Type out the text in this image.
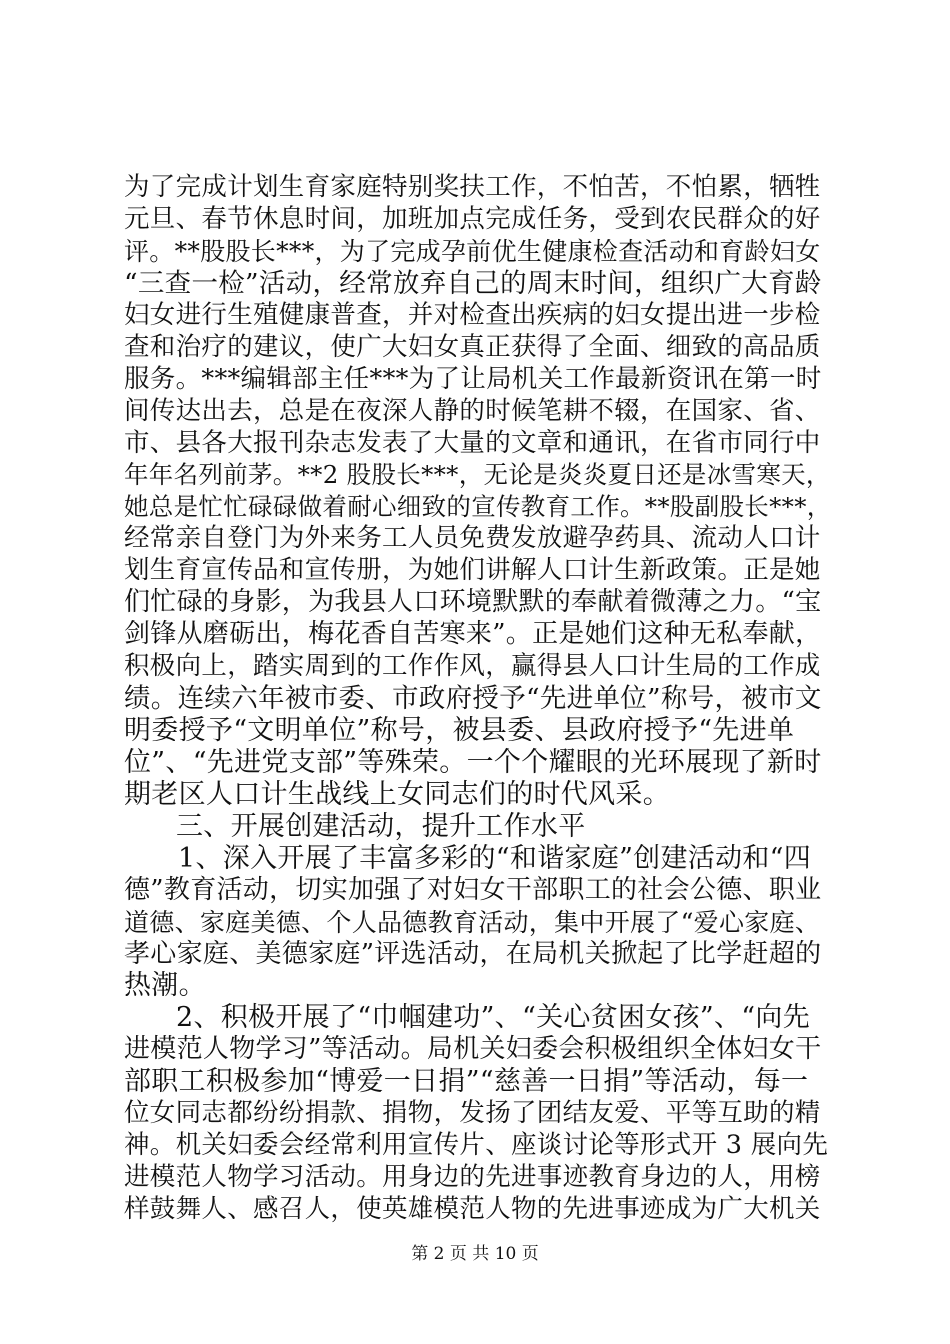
为了完成计划生育家庭特别奖扶工作，不怕苦，不怕累，牺牲
元旦、春节休息时间，加班加点完成任务，受到农民群众的好
评。**股股长***，为了完成孕前优生健康检查活动和育龄妇女
“三查一检”活动，经常放弃自己的周末时间，组织广大育龄
妇女进行生殖健康普查，并对检查出疾病的妇女提出进一步检
查和治疗的建议，使广大妇女真正获得了全面、细致的高品质
服务。***编辑部主任***为了让局机关工作最新资讯在第一时
间传达出去，总是在夜深人静的时候笔耕不辍，在国家、省、
市、县各大报刊杂志发表了大量的文章和通讯，在省市同行中
年年名列前茅。**2 股股长***，无论是炎炎夏日还是冰雪寒天，
她总是忙忙碌碌做着耐心细致的宣传教育工作。**股副股长***，
经常亲自登门为外来务工人员免费发放避孕药具、流动人口计
划生育宣传品和宣传册，为她们讲解人口计生新政策。正是她
们忙碌的身影，为我县人口环境默默的奉献着微薄之力。“宝
剑锋从磨砺出，梅花香自苦寒来”。正是她们这种无私奉献，
积极向上，踏实周到的工作作风，赢得县人口计生局的工作成
绩。连续六年被市委、市政府授予“先进单位”称号，被市文
明委授予“文明单位”称号，被县委、县政府授予“先进单
位”、“先进党支部”等殊荣。一个个耀眼的光环展现了新时
期老区人口计生战线上女同志们的时代风采。
三、开展创建活动，提升工作水平
1、深入开展了丰富多彩的“和谐家庭”创建活动和“四
德”教育活动，切实加强了对妇女干部职工的社会公德、职业
道德、家庭美德、个人品德教育活动，集中开展了“爱心家庭、
孝心家庭、美德家庭”评选活动，在局机关掀起了比学赶超的
热潮。
2、积极开展了“巾帼建功”、“关心贫困女孩”、“向先
进模范人物学习”等活动。局机关妇委会积极组织全体妇女干
部职工积极参加“博爱一日捐”“慈善一日捐”等活动，每一
位女同志都纷纷捐款、捐物，发扬了团结友爱、平等互助的精
神。机关妇委会经常利用宣传片、座谈讨论等形式开 3 展向先
进模范人物学习活动。用身边的先进事迹教育身边的人，用榜
样鼓舞人、感召人，使英雄模范人物的先进事迹成为广大机关
第 2 页 共 10 页
